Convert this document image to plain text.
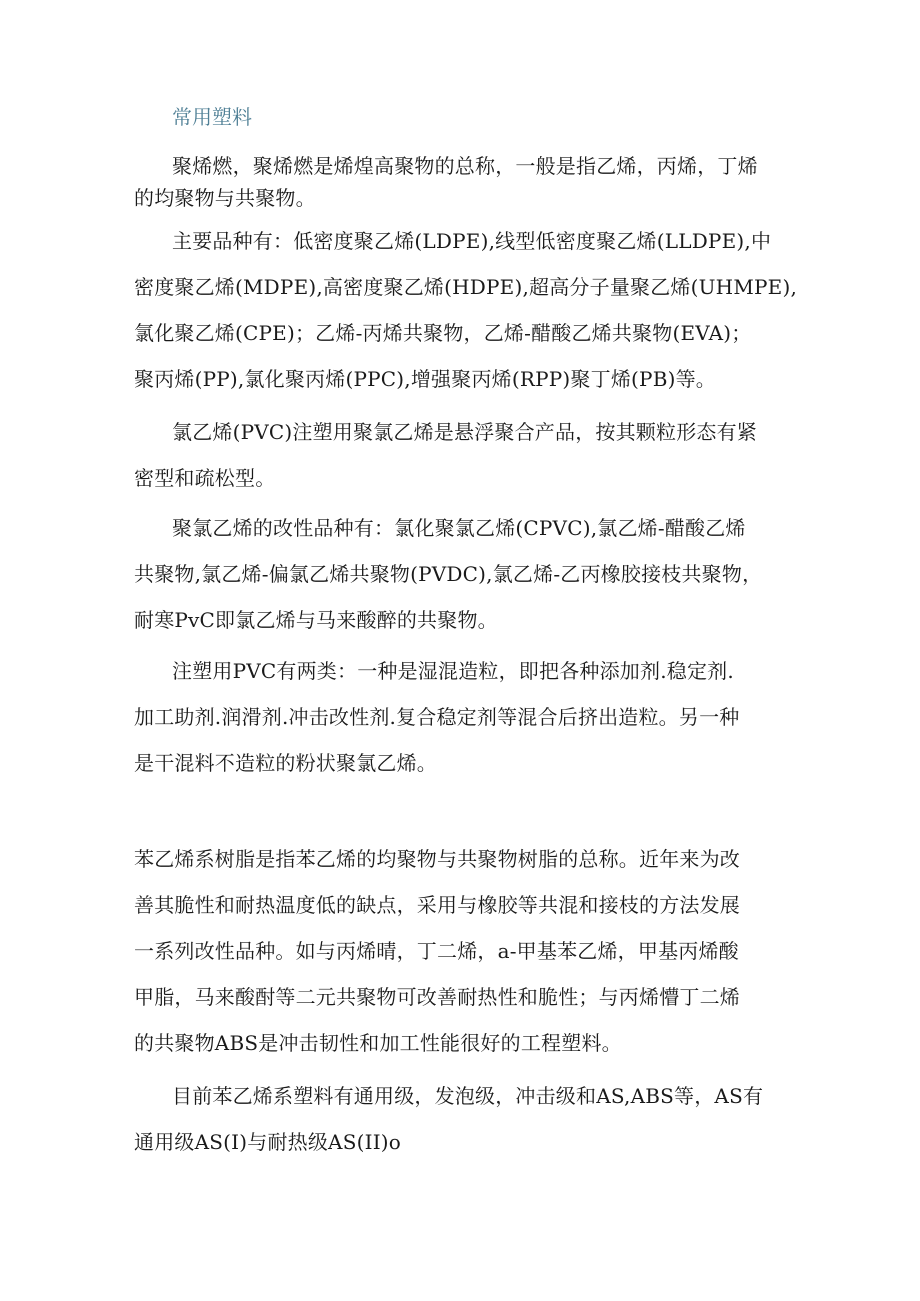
常用塑料
聚烯燃，聚烯燃是烯煌高聚物的总称，一般是指乙烯，丙烯，丁烯
的均聚物与共聚物。
主要品种有：低密度聚乙烯(LDPE),线型低密度聚乙烯(LLDPE),中
密度聚乙烯(MDPE),高密度聚乙烯(HDPE),超高分子量聚乙烯(UHMPE),
氯化聚乙烯(CPE)；乙烯-丙烯共聚物，乙烯-醋酸乙烯共聚物(EVA)；
聚丙烯(PP),氯化聚丙烯(PPC),增强聚丙烯(RPP)聚丁烯(PB)等。
氯乙烯(PVC)注塑用聚氯乙烯是悬浮聚合产品，按其颗粒形态有紧
密型和疏松型。
聚氯乙烯的改性品种有：氯化聚氯乙烯(CPVC),氯乙烯-醋酸乙烯
共聚物,氯乙烯-偏氯乙烯共聚物(PVDC),氯乙烯-乙丙橡胶接枝共聚物，
耐寒PvC即氯乙烯与马来酸醉的共聚物。
注塑用PVC有两类：一种是湿混造粒，即把各种添加剂.稳定剂.
加工助剂.润滑剂.冲击改性剂.复合稳定剂等混合后挤出造粒。另一种
是干混料不造粒的粉状聚氯乙烯。
苯乙烯系树脂是指苯乙烯的均聚物与共聚物树脂的总称。近年来为改
善其脆性和耐热温度低的缺点，采用与橡胶等共混和接枝的方法发展
一系列改性品种。如与丙烯晴，丁二烯，a-甲基苯乙烯，甲基丙烯酸
甲脂，马来酸酎等二元共聚物可改善耐热性和脆性；与丙烯懵丁二烯
的共聚物ABS是冲击韧性和加工性能很好的工程塑料。
目前苯乙烯系塑料有通用级，发泡级，冲击级和AS,ABS等，AS有
通用级AS(I)与耐热级AS(II)o
